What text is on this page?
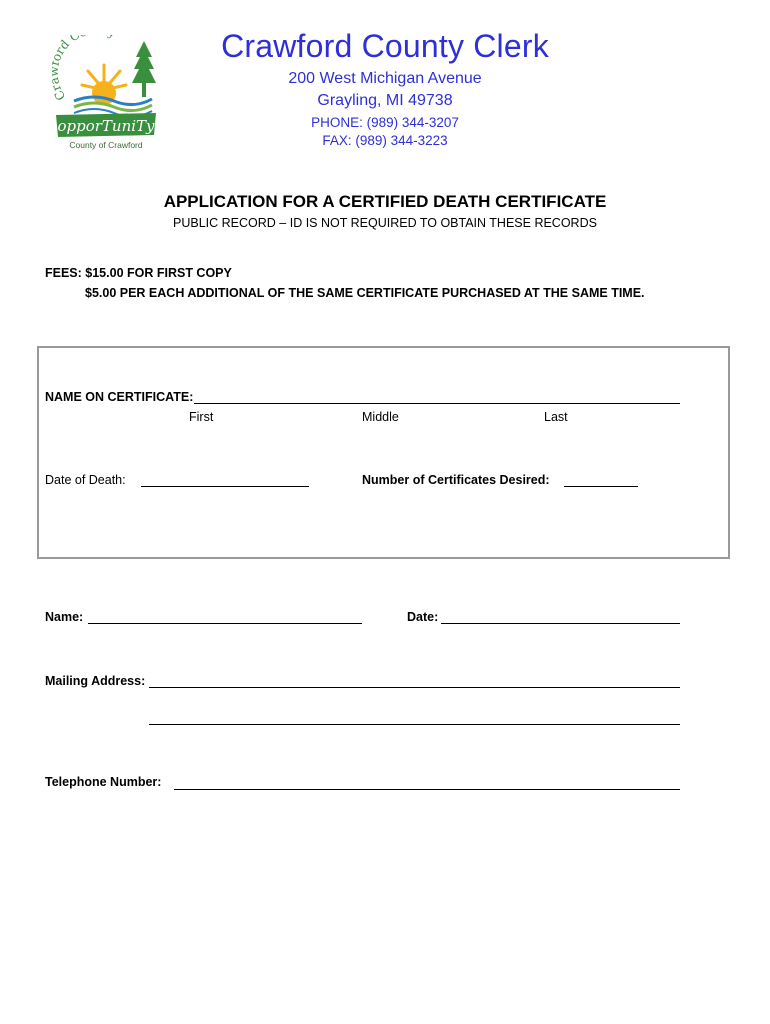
C rd C
opporTuniTy
County of Crawford
Crawford County Clerk
200 West Michigan Avenue
Grayling, MI 49738
PHONE: (989) 344-3207
FAX: (989) 344-3223
APPLICATION FOR A CERTIFIED DEATH CERTIFICATE
PUBLIC RECORD – ID IS NOT REQUIRED TO OBTAIN THESE RECORDS
FEES: $15.00 FOR FIRST COPY
$5.00 PER EACH ADDITIONAL OF THE SAME CERTIFICATE PURCHASED AT THE SAME TIME.
NAME ON CERTIFICATE:
First	Middle	Last
Date of Death:	Number of Certificates Desired:
Name:	Date:
Mailing Address:
Telephone Number:
